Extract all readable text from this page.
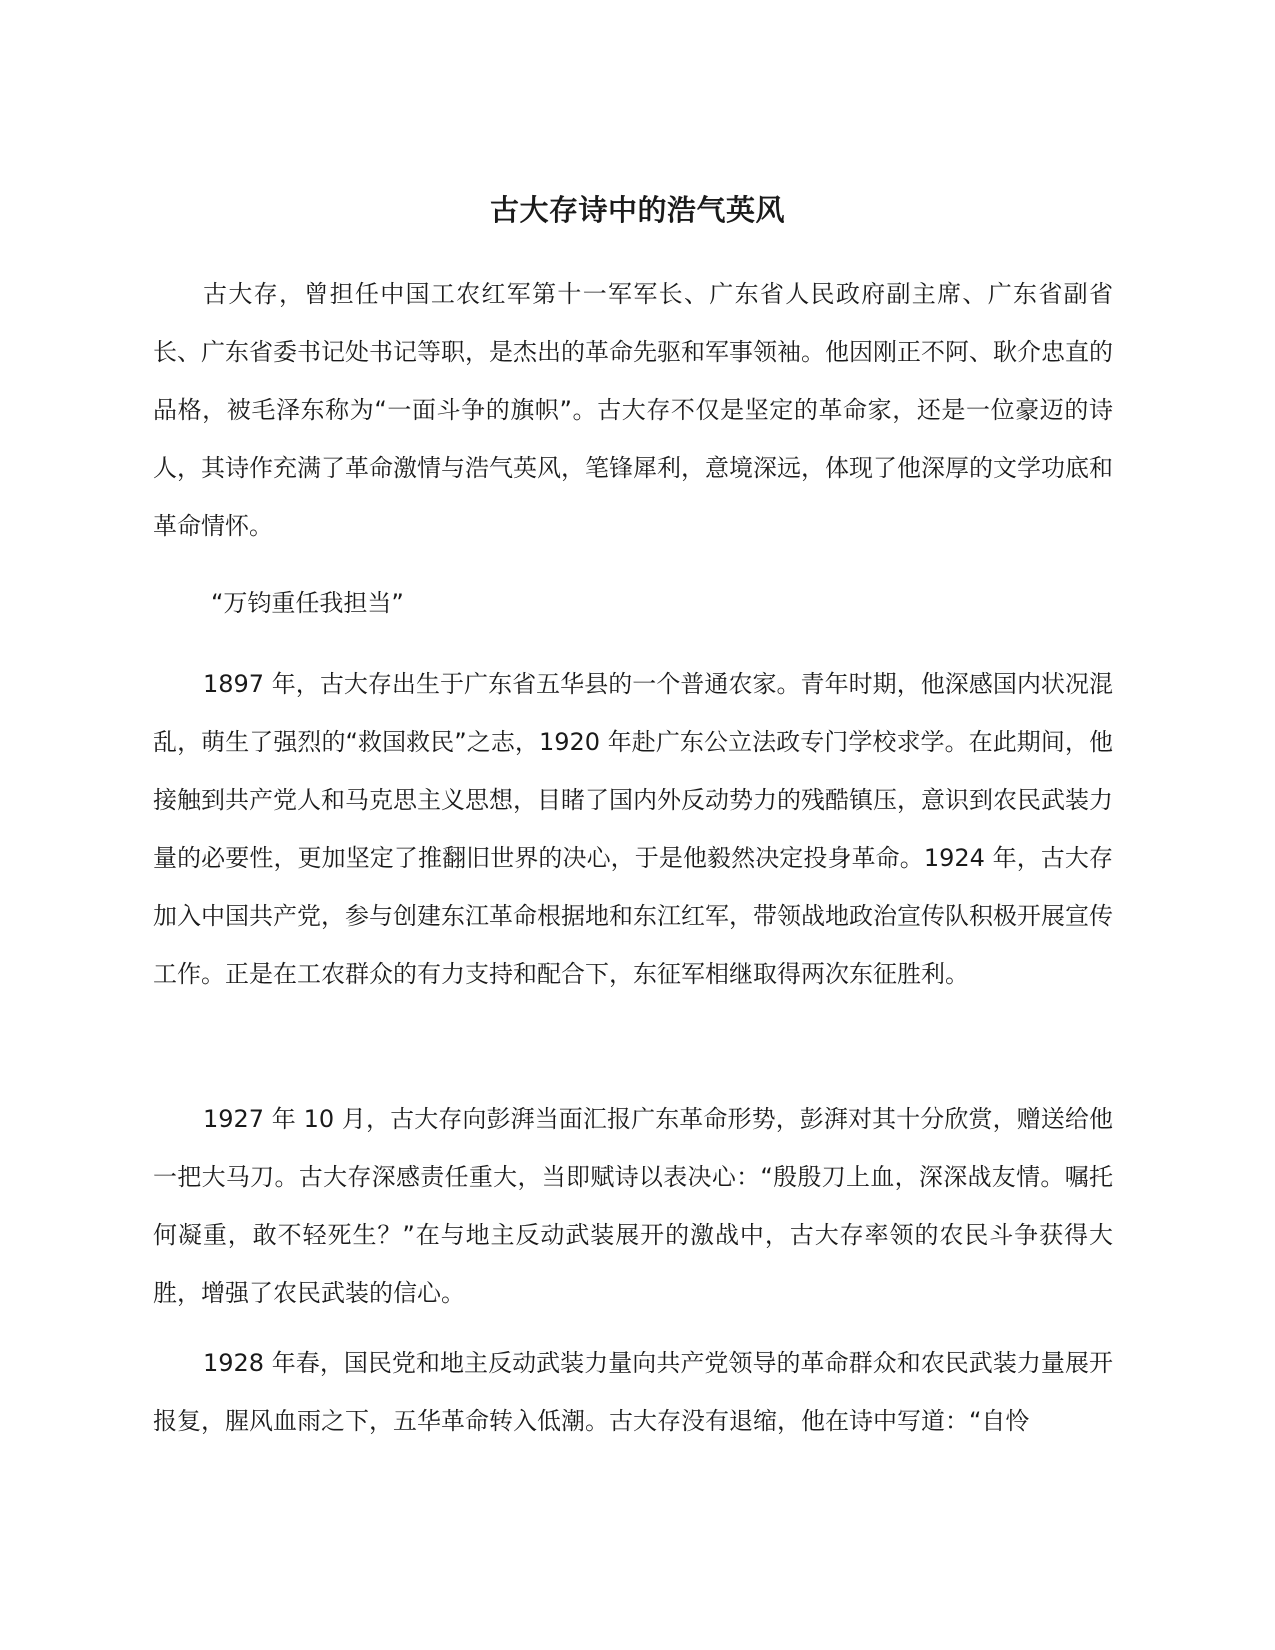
古大存诗中的浩气英风

古大存，曾担任中国工农红军第十一军军长、广东省人民政府副主席、广东省副省长、广东省委书记处书记等职，是杰出的革命先驱和军事领袖。他因刚正不阿、耿介忠直的品格，被毛泽东称为“一面斗争的旗帜”。古大存不仅是坚定的革命家，还是一位豪迈的诗人，其诗作充满了革命激情与浩气英风，笔锋犀利，意境深远，体现了他深厚的文学功底和革命情怀。

“万钧重任我担当”

1897 年，古大存出生于广东省五华县的一个普通农家。青年时期，他深感国内状况混乱，萌生了强烈的“救国救民”之志，1920 年赴广东公立法政专门学校求学。在此期间，他接触到共产党人和马克思主义思想，目睹了国内外反动势力的残酷镇压，意识到农民武装力量的必要性，更加坚定了推翻旧世界的决心，于是他毅然决定投身革命。1924 年，古大存加入中国共产党，参与创建东江革命根据地和东江红军，带领战地政治宣传队积极开展宣传工作。正是在工农群众的有力支持和配合下，东征军相继取得两次东征胜利。

1927 年 10 月，古大存向彭湃当面汇报广东革命形势，彭湃对其十分欣赏，赠送给他一把大马刀。古大存深感责任重大，当即赋诗以表决心：“殷殷刀上血，深深战友情。嘱托何凝重，敢不轻死生？”在与地主反动武装展开的激战中，古大存率领的农民斗争获得大胜，增强了农民武装的信心。

1928 年春，国民党和地主反动武装力量向共产党领导的革命群众和农民武装力量展开报复，腥风血雨之下，五华革命转入低潮。古大存没有退缩，他在诗中写道：“自怜
